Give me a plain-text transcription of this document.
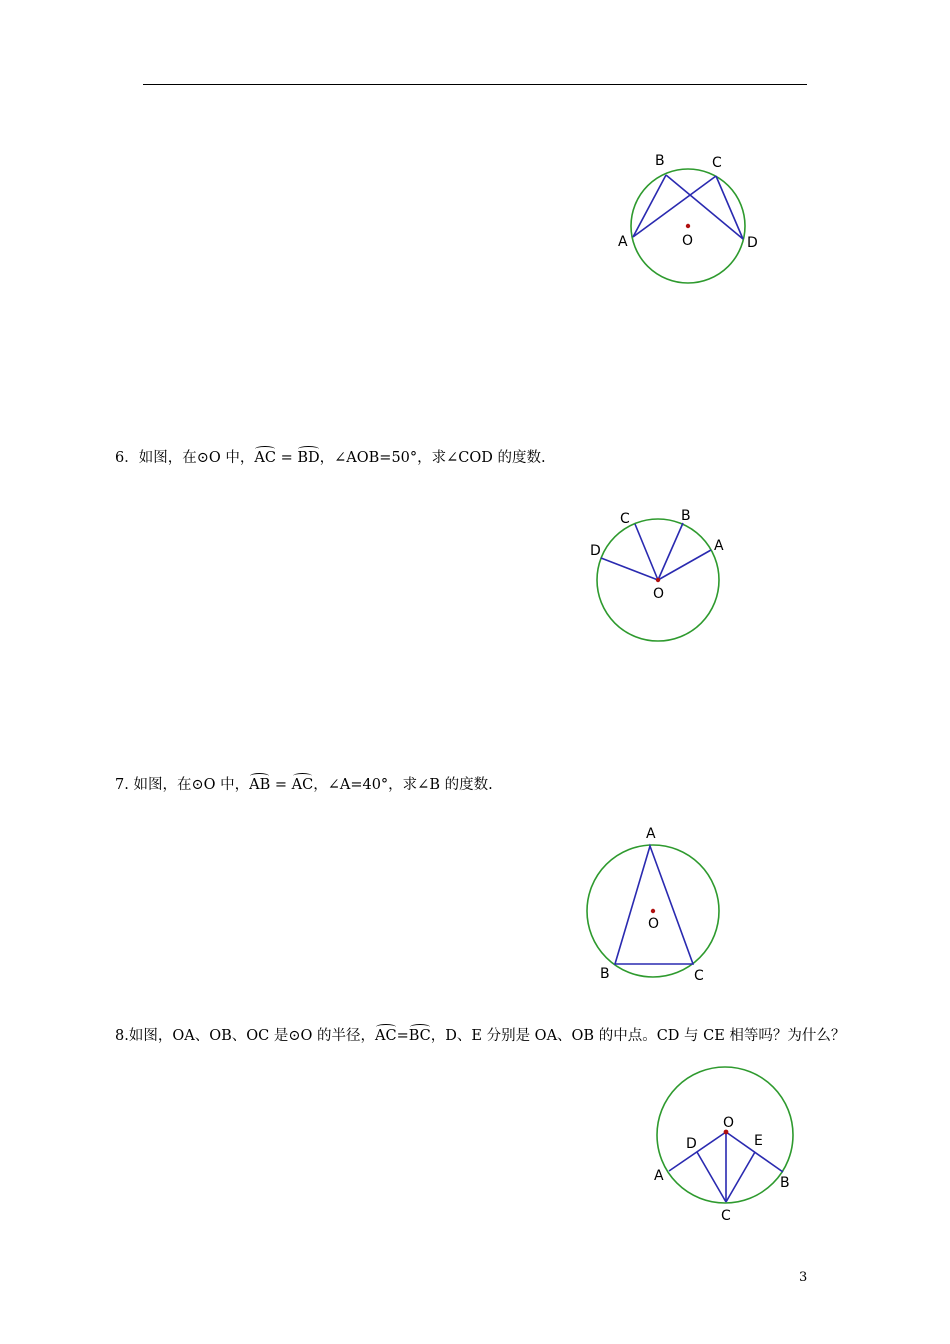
A
B	C
D
O
6．如图，在⊙O 中，AC = BD，∠AOB=50°，求∠COD 的度数.
D
C	B
A
O
7. 如图，在⊙O 中，AB = AC，∠A=40°，求∠B 的度数.
A
B	C
O
8.如图，OA、OB、OC 是⊙O 的半径，AC=BC，D、E 分别是 OA、OB 的中点。CD 与 CE 相等吗？为什么？
O
D	E
A	B
C
3
